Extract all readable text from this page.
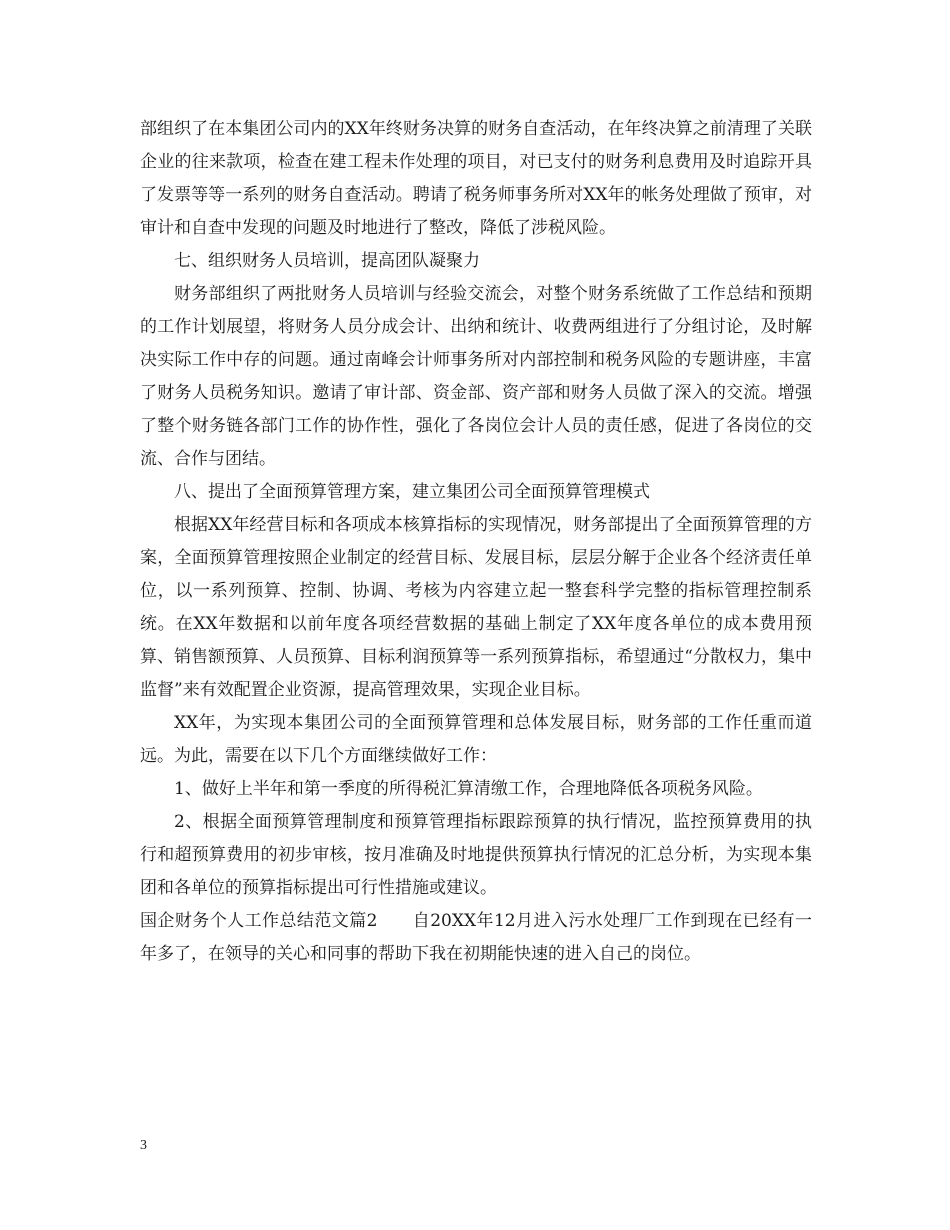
部组织了在本集团公司内的XX年终财务决算的财务自查活动，在年终决算之前清理了关联企业的往来款项，检查在建工程未作处理的项目，对已支付的财务利息费用及时追踪开具了发票等等一系列的财务自查活动。聘请了税务师事务所对XX年的帐务处理做了预审，对审计和自查中发现的问题及时地进行了整改，降低了涉税风险。

七、组织财务人员培训，提高团队凝聚力

财务部组织了两批财务人员培训与经验交流会，对整个财务系统做了工作总结和预期的工作计划展望，将财务人员分成会计、出纳和统计、收费两组进行了分组讨论，及时解决实际工作中存的问题。通过南峰会计师事务所对内部控制和税务风险的专题讲座，丰富了财务人员税务知识。邀请了审计部、资金部、资产部和财务人员做了深入的交流。增强了整个财务链各部门工作的协作性，强化了各岗位会计人员的责任感，促进了各岗位的交流、合作与团结。

八、提出了全面预算管理方案，建立集团公司全面预算管理模式

根据XX年经营目标和各项成本核算指标的实现情况，财务部提出了全面预算管理的方案，全面预算管理按照企业制定的经营目标、发展目标，层层分解于企业各个经济责任单位，以一系列预算、控制、协调、考核为内容建立起一整套科学完整的指标管理控制系统。在XX年数据和以前年度各项经营数据的基础上制定了XX年度各单位的成本费用预算、销售额预算、人员预算、目标利润预算等一系列预算指标，希望通过“分散权力，集中监督”来有效配置企业资源，提高管理效果，实现企业目标。

XX年，为实现本集团公司的全面预算管理和总体发展目标，财务部的工作任重而道远。为此，需要在以下几个方面继续做好工作：

1、做好上半年和第一季度的所得税汇算清缴工作，合理地降低各项税务风险。

2、根据全面预算管理制度和预算管理指标跟踪预算的执行情况，监控预算费用的执行和超预算费用的初步审核，按月准确及时地提供预算执行情况的汇总分析，为实现本集团和各单位的预算指标提出可行性措施或建议。

国企财务个人工作总结范文篇2　　自20XX年12月进入污水处理厂工作到现在已经有一年多了，在领导的关心和同事的帮助下我在初期能快速的进入自己的岗位。

3
